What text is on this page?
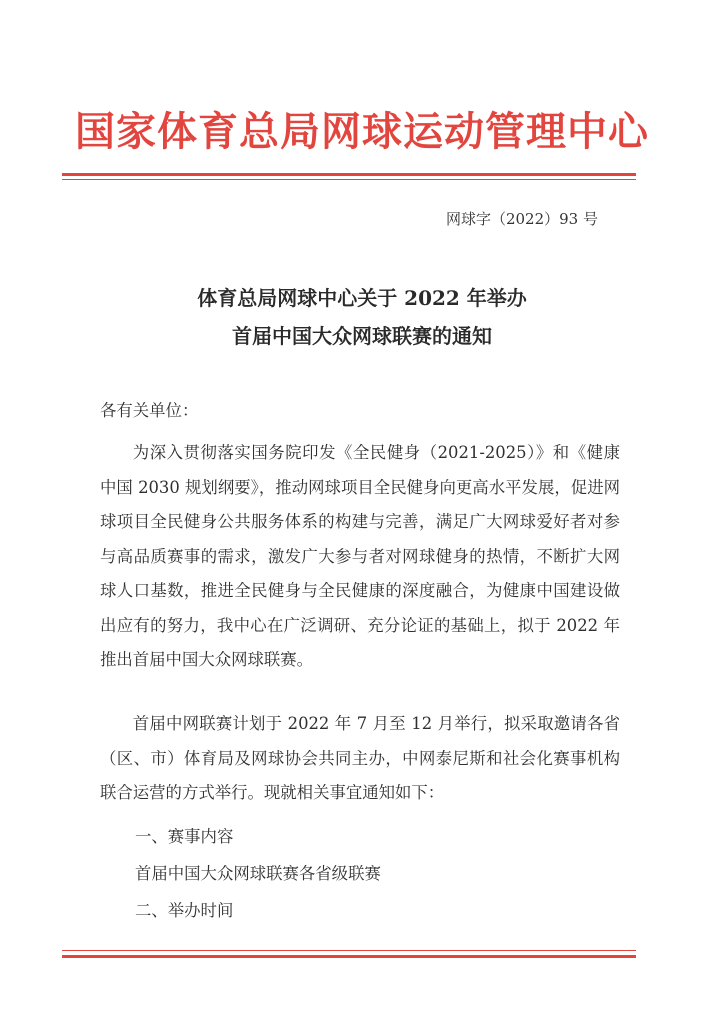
国家体育总局网球运动管理中心
网球字（2022）93 号
体育总局网球中心关于 2022 年举办
首届中国大众网球联赛的通知
各有关单位：

为深入贯彻落实国务院印发《全民健身（2021-2025）》和《健康中国 2030 规划纲要》，推动网球项目全民健身向更高水平发展，促进网球项目全民健身公共服务体系的构建与完善，满足广大网球爱好者对参与高品质赛事的需求，激发广大参与者对网球健身的热情，不断扩大网球人口基数，推进全民健身与全民健康的深度融合，为健康中国建设做出应有的努力，我中心在广泛调研、充分论证的基础上，拟于 2022 年推出首届中国大众网球联赛。

首届中网联赛计划于 2022 年 7 月至 12 月举行，拟采取邀请各省（区、市）体育局及网球协会共同主办，中网泰尼斯和社会化赛事机构联合运营的方式举行。现就相关事宜通知如下：

一、赛事内容
首届中国大众网球联赛各省级联赛
二、举办时间
